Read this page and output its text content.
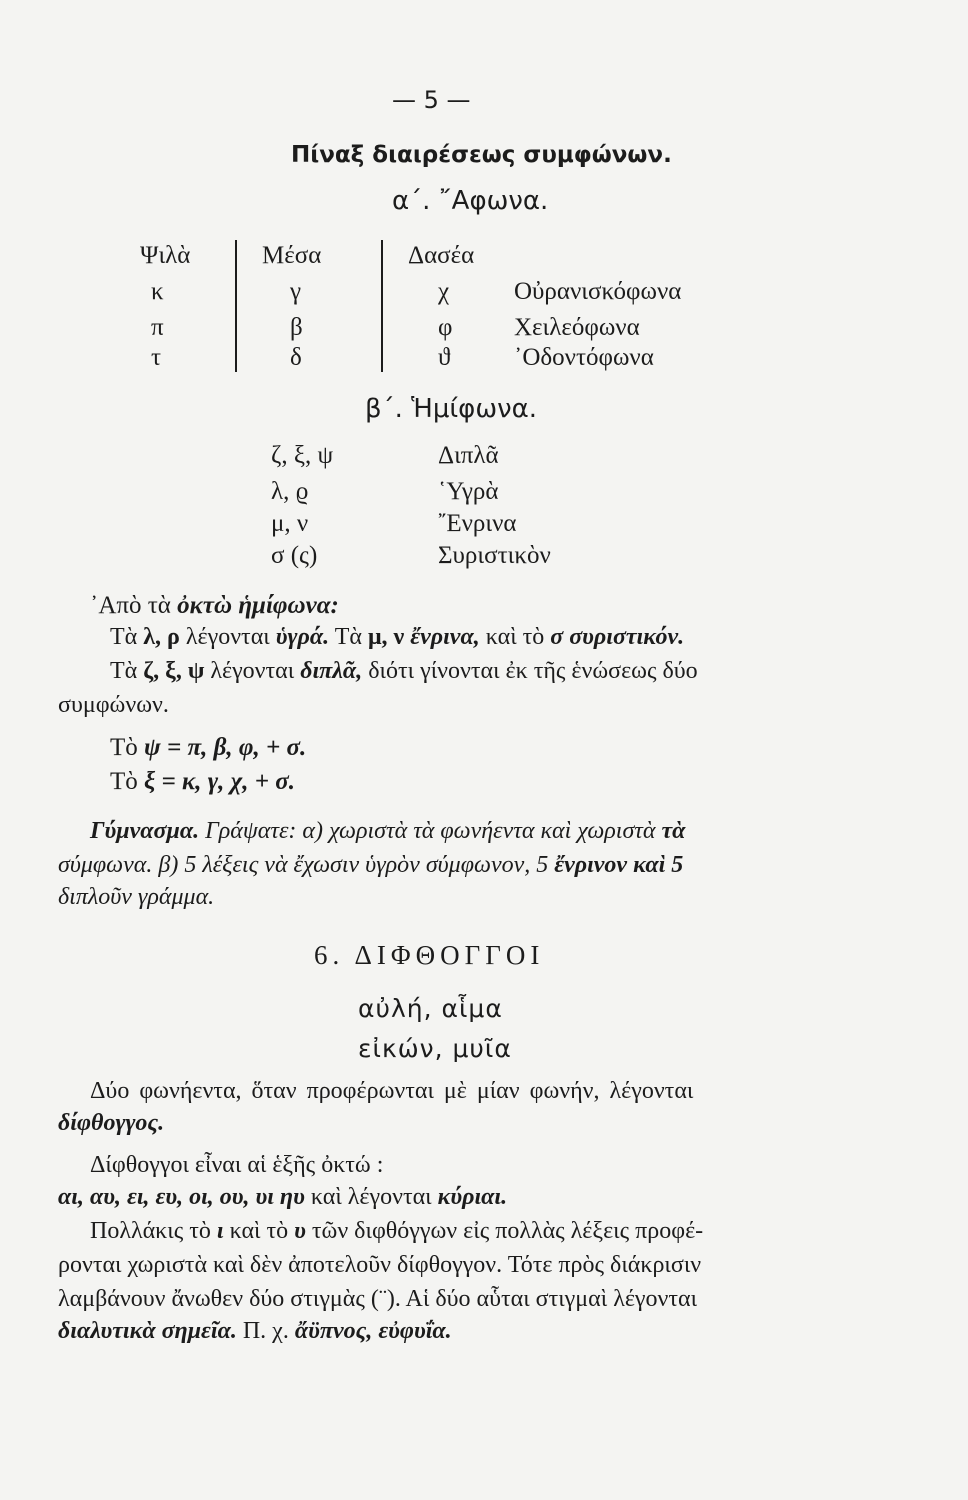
— 5 —
Πίναξ διαιρέσεως συμφώνων.
α΄. ῎Αφωνα.
Ψιλὰ	Μέσα	Δασέα
κ	γ	χ	Οὐρανισκόφωνα
π	β	φ Χειλεόφωνα
τ	δ	ϑ	᾿Οδοντόφωνα
β΄. Ἡμίφωνα.
ζ, ξ, ψ	Διπλᾶ
λ, ϱ	῾Υγρὰ
μ, ν	῎Ενρινα
σ (ς)	Συριστικὸν
᾿Απὸ τὰ ὀκτὼ ἡμίφωνα:
Τὰ λ, ρ λέγονται ὑγρά. Τὰ μ, ν ἔνρινα, καὶ τὸ σ συριστικόν.
Τὰ ζ, ξ, ψ λέγονται διπλᾶ, διότι γίνονται ἐκ τῆς ἑνώσεως δύο
συμφώνων.
Τὸ ψ = π, β, φ, + σ.
Τὸ ξ = κ, γ, χ, + σ.
Γύμνασμα. Γράψατε: α) χωριστὰ τὰ φωνήεντα καὶ χωριστὰ τὰ
σύμφωνα. β) 5 λέξεις νὰ ἔχωσιν ὑγρὸν σύμφωνον, 5 ἔνρινον καὶ 5
διπλοῦν γράμμα.
6. ΔΙΦΘΟΓΓΟΙ
αὐλή, αἷμα
εἰκών, μυῖα
Δύο φωνήεντα, ὅταν προφέρωνται μὲ μίαν φωνήν, λέγονται
δίφθογγος.
Δίφθογγοι εἶναι αἱ ἑξῆς ὀκτώ :
αι, αυ, ει, ευ, οι, ου, υι ηυ καὶ λέγονται κύριαι.
Πολλάκις τὸ ι καὶ τὸ υ τῶν διφθόγγων εἰς πολλὰς λέξεις προφέ-
ρονται χωριστὰ καὶ δὲν ἀποτελοῦν δίφθογγον. Τότε πρὸς διάκρισιν
λαμβάνουν ἄνωθεν δύο στιγμὰς (¨). Αἱ δύο αὗται στιγμαὶ λέγονται
διαλυτικὰ σημεῖα. Π. χ. ἄϋπνος, εὐφυΐα.
